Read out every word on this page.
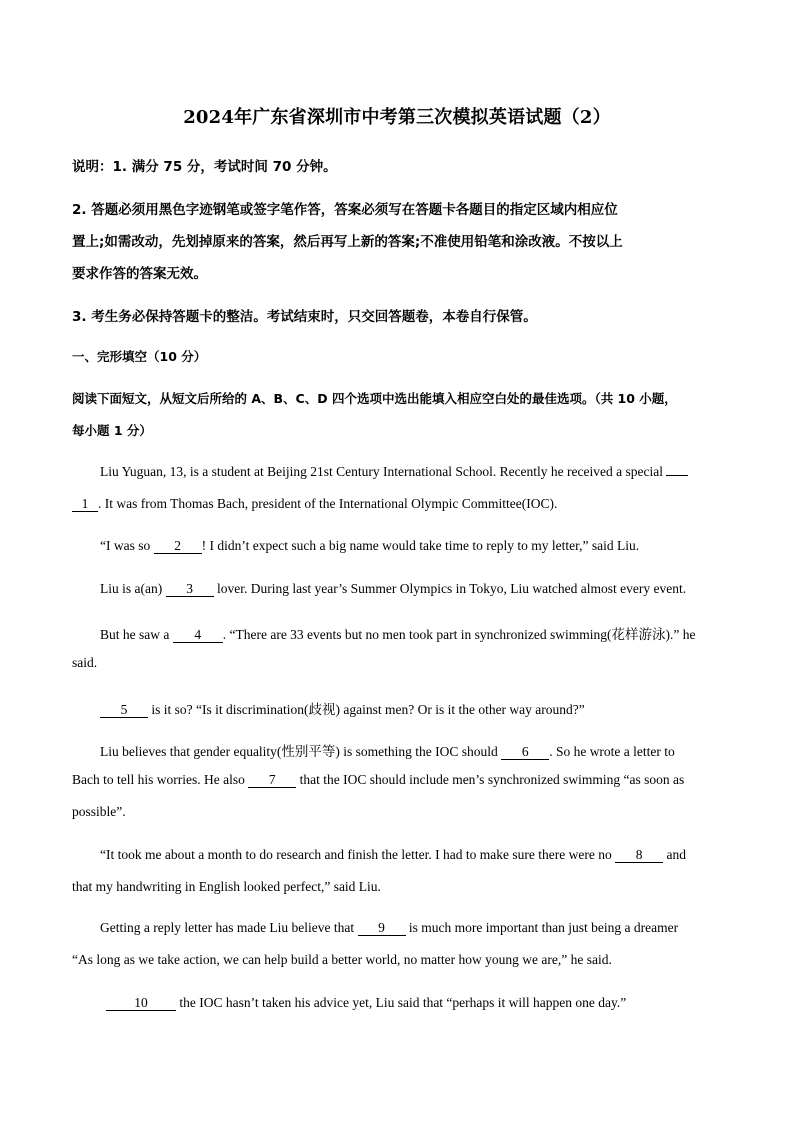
2024年广东省深圳市中考第三次模拟英语试题（2）
说明：1. 满分 75 分，考试时间 70 分钟。
2. 答题必须用黑色字迹钢笔或签字笔作答，答案必须写在答题卡各题目的指定区域内相应位
置上;如需改动，先划掉原来的答案，然后再写上新的答案;不准使用铅笔和涂改液。不按以上
要求作答的答案无效。
3. 考生务必保持答题卡的整洁。考试结束时，只交回答题卷，本卷自行保管。
一、完形填空（10 分）
阅读下面短文，从短文后所给的 A、B、C、D 四个选项中选出能填入相应空白处的最佳选项。（共 10 小题，
每小题 1 分）
Liu Yuguan, 13, is a student at Beijing 21st Century International School. Recently he received a special
1 . It was from Thomas Bach, president of the International Olympic Committee(IOC).
“I was so 2 ! I didn’t expect such a big name would take time to reply to my letter,” said Liu.
Liu is a(an) 3 lover. During last year’s Summer Olympics in Tokyo, Liu watched almost every event.
But he saw a 4 . “There are 33 events but no men took part in synchronized swimming(花样游泳).” he
said.
5 is it so? “Is it discrimination(歧视) against men? Or is it the other way around?”
Liu believes that gender equality(性别平等) is something the IOC should 6 . So he wrote a letter to
Bach to tell his worries. He also 7 that the IOC should include men’s synchronized swimming “as soon as
possible”.
“It took me about a month to do research and finish the letter. I had to make sure there were no 8 and
that my handwriting in English looked perfect,” said Liu.
Getting a reply letter has made Liu believe that 9 is much more important than just being a dreamer
“As long as we take action, we can help build a better world, no matter how young we are,” he said.
10 the IOC hasn’t taken his advice yet, Liu said that “perhaps it will happen one day.”
